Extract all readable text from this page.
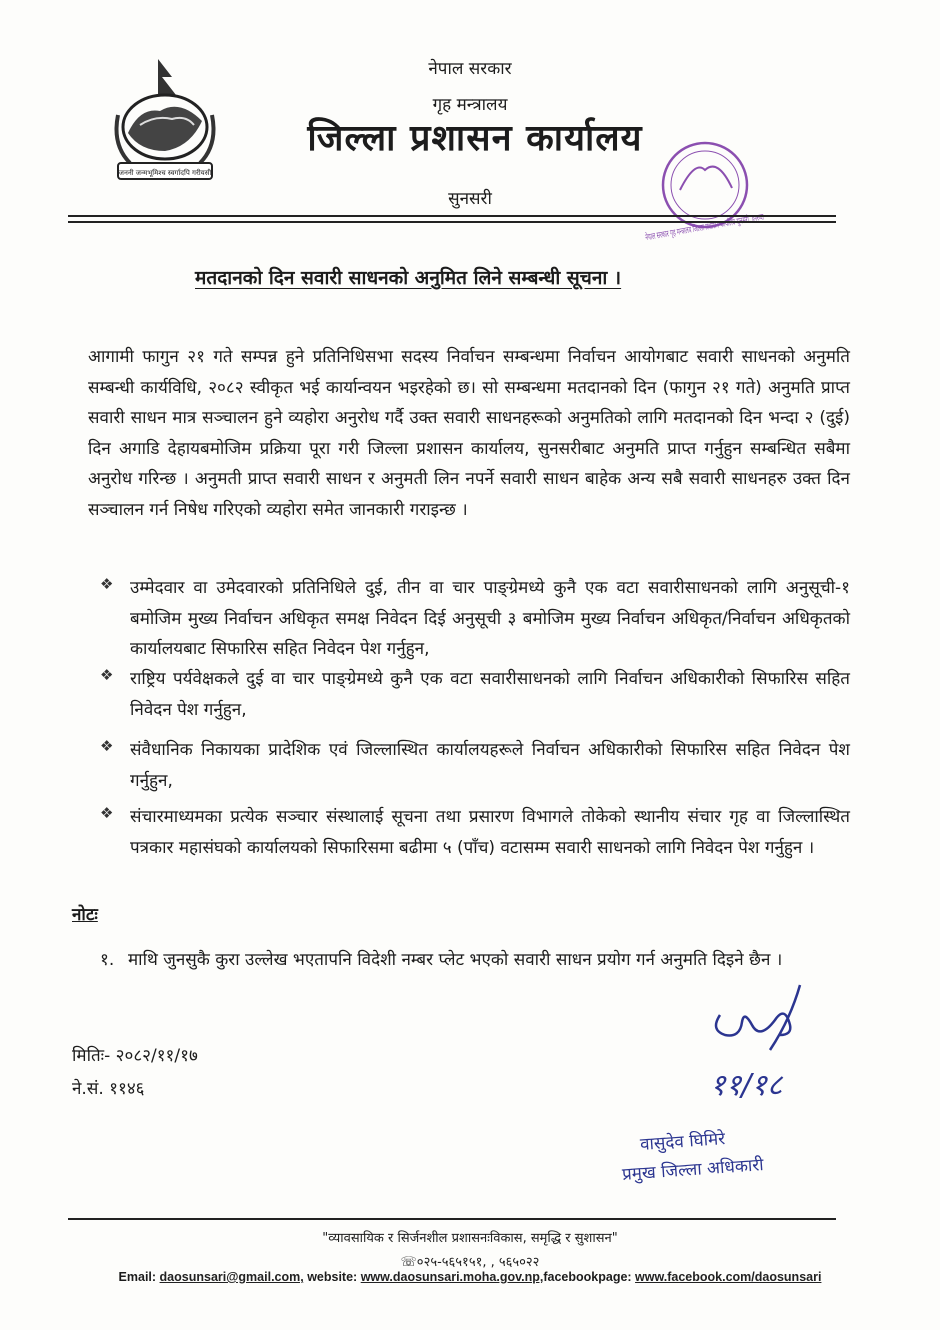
जननी जन्मभूमिश्च स्वर्गादपि गरीयसी
नेपाल सरकार
गृह मन्त्रालय
जिल्ला प्रशासन कार्यालय
सुनसरी	नेपाल सरकार गृह मन्त्रालय जिल्ला प्रशासन कार्यालय सुनसरी, इनरुवा
मतदानको दिन सवारी साधनको अनुमित लिने सम्बन्धी सूचना ।
आगामी फागुन २१ गते सम्पन्न हुने प्रतिनिधिसभा सदस्य निर्वाचन सम्बन्धमा निर्वाचन आयोगबाट सवारी साधनको अनुमति सम्बन्धी कार्यविधि, २०८२ स्वीकृत भई कार्यान्वयन भइरहेको छ। सो सम्बन्धमा मतदानको दिन (फागुन २१ गते) अनुमति प्राप्त सवारी साधन मात्र सञ्चालन हुने व्यहोरा अनुरोध गर्दै उक्त सवारी साधनहरूको अनुमतिको लागि मतदानको दिन भन्दा २ (दुई) दिन अगाडि देहायबमोजिम प्रक्रिया पूरा गरी जिल्ला प्रशासन कार्यालय, सुनसरीबाट अनुमति प्राप्त गर्नुहुन सम्बन्धित सबैमा अनुरोध गरिन्छ । अनुमती प्राप्त सवारी साधन र अनुमती लिन नपर्ने सवारी साधन बाहेक अन्य सबै सवारी साधनहरु उक्त दिन सञ्चालन गर्न निषेध गरिएको व्यहोरा समेत जानकारी गराइन्छ ।
❖ उम्मेदवार वा उमेदवारको प्रतिनिधिले दुई, तीन वा चार पाङ्ग्रेमध्ये कुनै एक वटा सवारीसाधनको लागि अनुसूची-१ बमोजिम मुख्य निर्वाचन अधिकृत समक्ष निवेदन दिई अनुसूची ३ बमोजिम मुख्य निर्वाचन अधिकृत/निर्वाचन अधिकृतको कार्यालयबाट सिफारिस सहित निवेदन पेश गर्नुहुन,
❖ राष्ट्रिय पर्यवेक्षकले दुई वा चार पाङ्ग्रेमध्ये कुनै एक वटा सवारीसाधनको लागि निर्वाचन अधिकारीको सिफारिस सहित निवेदन पेश गर्नुहुन,
❖ संवैधानिक निकायका प्रादेशिक एवं जिल्लास्थित कार्यालयहरूले निर्वाचन अधिकारीको सिफारिस सहित निवेदन पेश गर्नुहुन,
❖ संचारमाध्यमका प्रत्येक सञ्चार संस्थालाई सूचना तथा प्रसारण विभागले तोकेको स्थानीय संचार गृह वा जिल्लास्थित पत्रकार महासंघको कार्यालयको सिफारिसमा बढीमा ५ (पाँच) वटासम्म सवारी साधनको लागि निवेदन पेश गर्नुहुन ।
नोटः
१. माथि जुनसुकै कुरा उल्लेख भएतापनि विदेशी नम्बर प्लेट भएको सवारी साधन प्रयोग गर्न अनुमति दिइने छैन ।
मितिः- २०८२/११/१७
ने.सं. ११४६	११/१८
वासुदेव घिमिरे
प्रमुख जिल्ला अधिकारी
"व्यावसायिक र सिर्जनशील प्रशासनःविकास, समृद्धि र सुशासन"
☏०२५-५६५१५१, , ५६५०२२
Email: daosunsari@gmail.com, website: www.daosunsari.moha.gov.np,facebookpage: www.facebook.com/daosunsari
